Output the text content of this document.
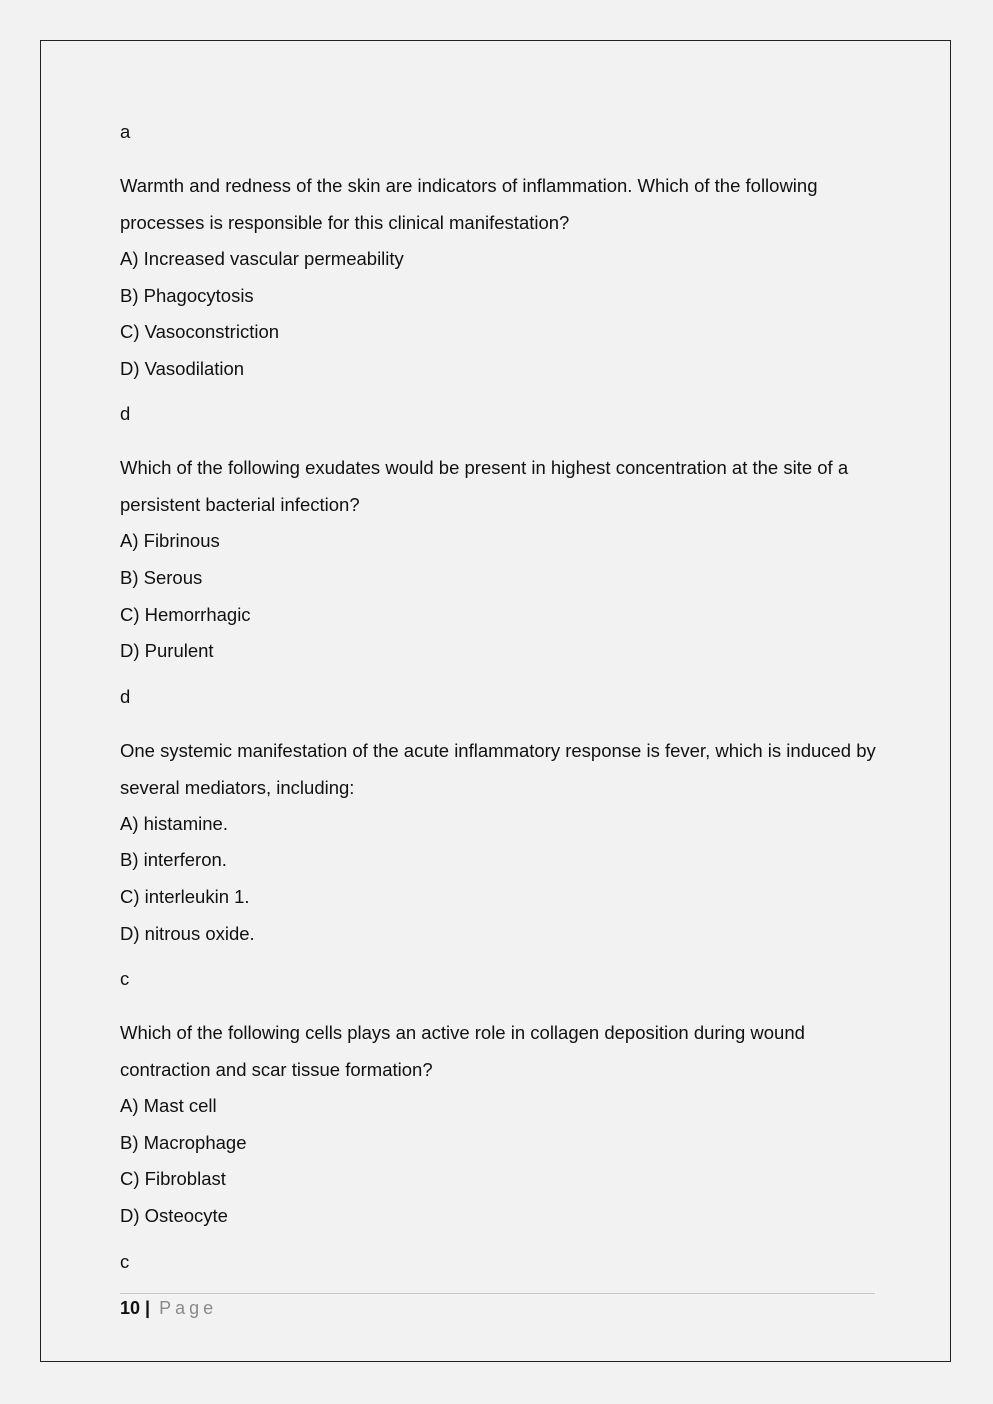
a

Warmth and redness of the skin are indicators of inflammation. Which of the following processes is responsible for this clinical manifestation?

A) Increased vascular permeability

B) Phagocytosis

C) Vasoconstriction

D) Vasodilation

d

Which of the following exudates would be present in highest concentration at the site of a persistent bacterial infection?

A) Fibrinous

B) Serous

C) Hemorrhagic

D) Purulent

d

One systemic manifestation of the acute inflammatory response is fever, which is induced by several mediators, including:

A) histamine.

B) interferon.

C) interleukin 1.

D) nitrous oxide.

c

Which of the following cells plays an active role in collagen deposition during wound contraction and scar tissue formation?

A) Mast cell

B) Macrophage

C) Fibroblast

D) Osteocyte

c
10 | Page
